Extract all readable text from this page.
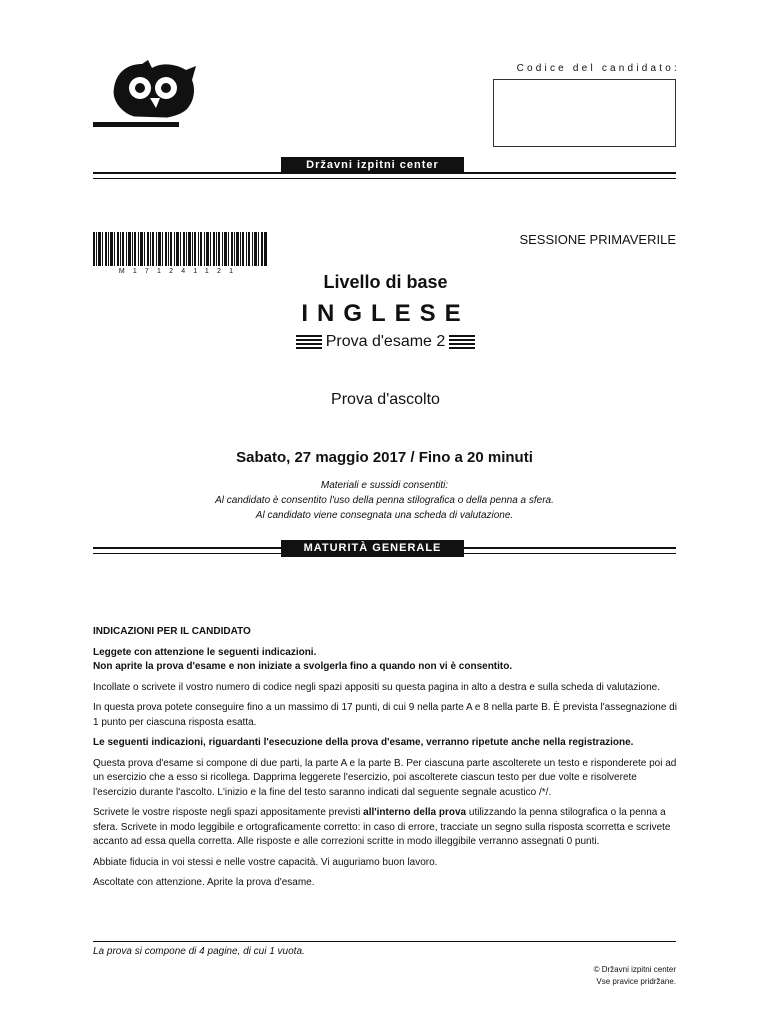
Codice del candidato:
Državni izpitni center
M171241121
SESSIONE PRIMAVERILE
Livello di base
INGLESE
Prova d'esame 2
Prova d'ascolto
Sabato, 27 maggio 2017 / Fino a 20 minuti
Materiali e sussidi consentiti:
Al candidato è consentito l'uso della penna stilografica o della penna a sfera.
Al candidato viene consegnata una scheda di valutazione.
MATURITÀ GENERALE

INDICAZIONI PER IL CANDIDATO

Leggete con attenzione le seguenti indicazioni.

Non aprite la prova d'esame e non iniziate a svolgerla fino a quando non vi è consentito.

Incollate o scrivete il vostro numero di codice negli spazi appositi su questa pagina in alto a destra e sulla scheda di valutazione.

In questa prova potete conseguire fino a un massimo di 17 punti, di cui 9 nella parte A e 8 nella parte B. È prevista l'assegnazione di 1 punto per ciascuna risposta esatta.

Le seguenti indicazioni, riguardanti l'esecuzione della prova d'esame, verranno ripetute anche nella registrazione.

Questa prova d'esame si compone di due parti, la parte A e la parte B. Per ciascuna parte ascolterete un testo e risponderete poi ad un esercizio che a esso si ricollega. Dapprima leggerete l'esercizio, poi ascolterete ciascun testo per due volte e risolverete l'esercizio durante l'ascolto. L'inizio e la fine del testo saranno indicati dal seguente segnale acustico /*/.

Scrivete le vostre risposte negli spazi appositamente previsti all'interno della prova utilizzando la penna stilografica o la penna a sfera. Scrivete in modo leggibile e ortograficamente corretto: in caso di errore, tracciate un segno sulla risposta scorretta e scrivete accanto ad essa quella corretta. Alle risposte e alle correzioni scritte in modo illeggibile verranno assegnati 0 punti.

Abbiate fiducia in voi stessi e nelle vostre capacità. Vi auguriamo buon lavoro.

Ascoltate con attenzione. Aprite la prova d'esame.

La prova si compone di 4 pagine, di cui 1 vuota.
© Državni izpitni center
Vse pravice pridržane.
